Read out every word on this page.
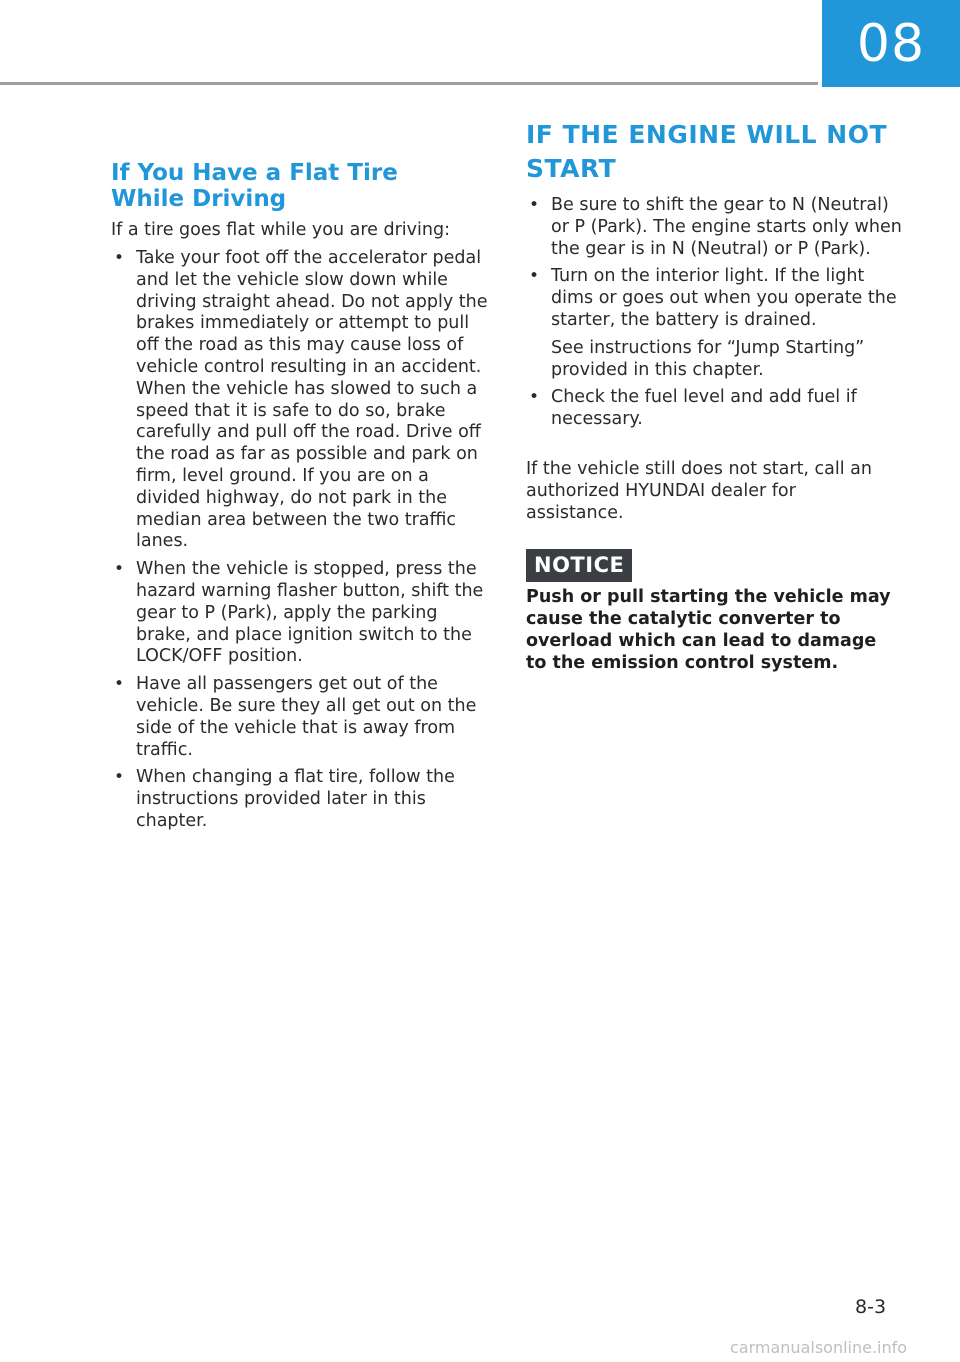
08
If You Have a Flat Tire While Driving

If a tire goes flat while you are driving:

• Take your foot off the accelerator pedal and let the vehicle slow down while driving straight ahead. Do not apply the brakes immediately or attempt to pull off the road as this may cause loss of vehicle control resulting in an accident. When the vehicle has slowed to such a speed that it is safe to do so, brake carefully and pull off the road. Drive off the road as far as possible and park on firm, level ground. If you are on a divided highway, do not park in the median area between the two traffic lanes.
• When the vehicle is stopped, press the hazard warning flasher button, shift the gear to P (Park), apply the parking brake, and place ignition switch to the LOCK/OFF position.
• Have all passengers get out of the vehicle. Be sure they all get out on the side of the vehicle that is away from traffic.
• When changing a flat tire, follow the instructions provided later in this chapter.
IF THE ENGINE WILL NOT START
• Be sure to shift the gear to N (Neutral) or P (Park). The engine starts only when the gear is in N (Neutral) or P (Park).
• Turn on the interior light. If the light dims or goes out when you operate the starter, the battery is drained.
See instructions for “Jump Starting” provided in this chapter.
• Check the fuel level and add fuel if necessary.

If the vehicle still does not start, call an authorized HYUNDAI dealer for assistance.

NOTICE

Push or pull starting the vehicle may cause the catalytic converter to overload which can lead to damage to the emission control system.

8-3
carmanualsonline.info
